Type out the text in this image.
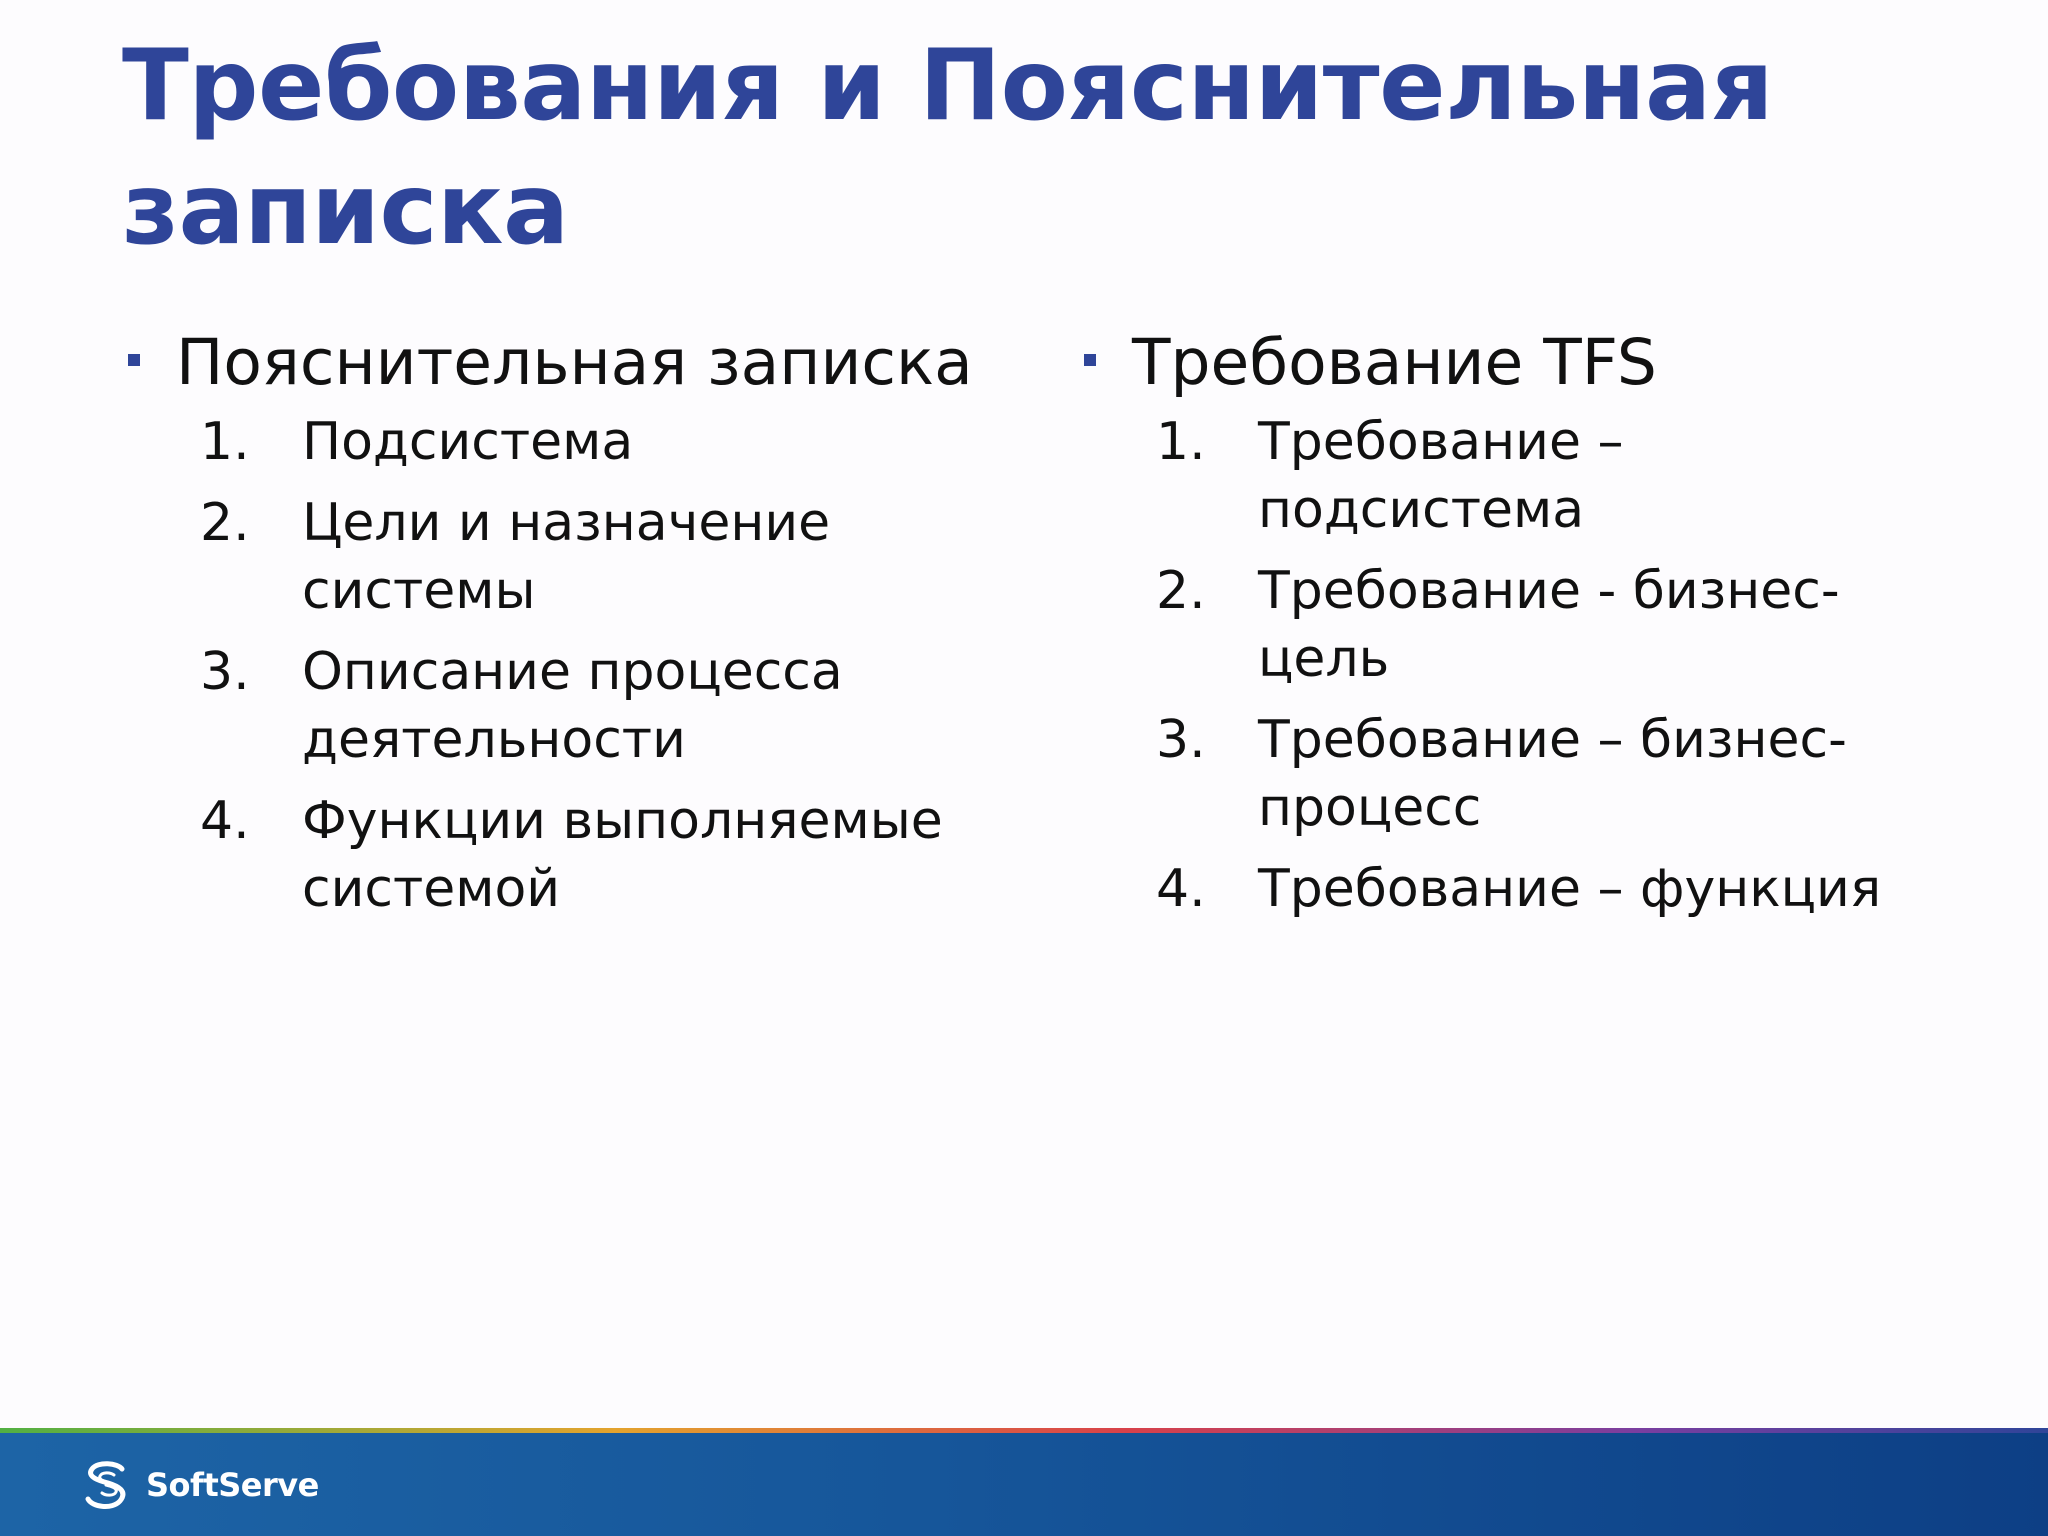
Требования и Пояснительная
записка
Пояснительная записка
1. Подсистема
2. Цели и назначение
системы
3. Описание процесса
деятельности
4. Функции выполняемые
системой
Требование TFS
1. Требование –
подсистема
2. Требование - бизнес-
цель
3. Требование – бизнес-
процесс
4. Требование – функция
SoftServe
